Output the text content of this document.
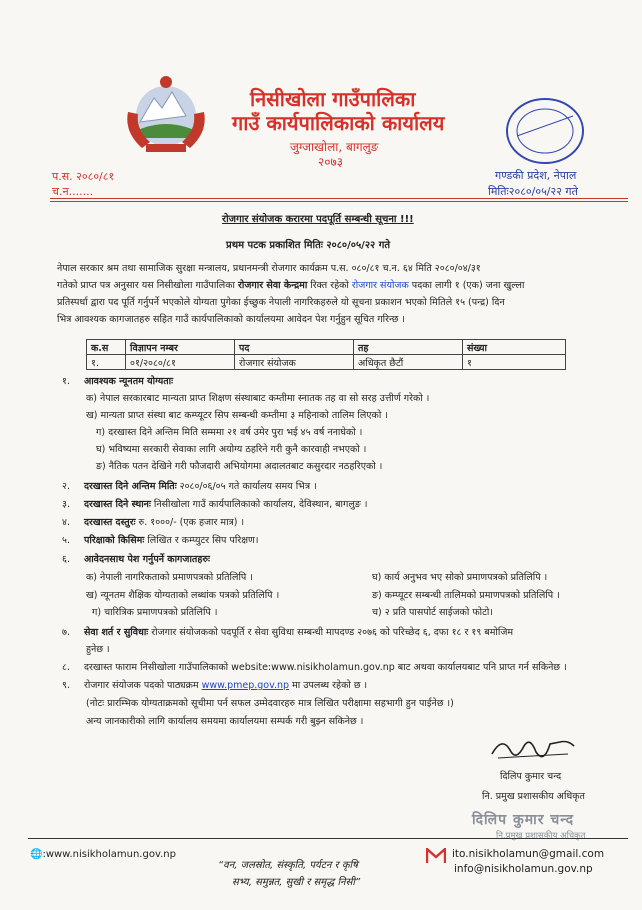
निसीखोला गाउँपालिका
गाउँ कार्यपालिकाको कार्यालय
जुग्जाखोला, बागलुङ
२०७३
प.स. २०८०/८१
च.न.......
गण्डकी प्रदेश, नेपाल
मितिः२०८०/०५/२२ गते
रोजगार संयोजक करारमा पदपूर्ति सम्बन्धी सूचना !!!
प्रथम पटक प्रकाशित मितिः २०८०/०५/२२ गते
नेपाल सरकार श्रम तथा सामाजिक सुरक्षा मन्त्रालय, प्रधानमन्त्री रोजगार कार्यक्रम प.स. ०८०/८१ च.न. ६४ मिति २०८०/०४/३१
गतेको प्राप्त पत्र अनुसार यस निसीखोला गाउँपालिका रोजगार सेवा केन्द्रमा रिक्त रहेको रोजगार संयोजक पदका लागी १ (एक) जना खुल्ला
प्रतिस्पर्धा द्वारा पद पूर्ति गर्नुपर्ने भएकोले योग्यता पुगेका ईच्छुक नेपाली नागरिकहरुले यो सूचना प्रकाशन भएको मितिले १५ (पन्द्र) दिन
भित्र आवश्यक कागजातहरु सहित गाउँ कार्यपालिकाको कार्यालयमा आवेदन पेश गर्नुहुन सूचित गरिन्छ ।
क.स	विज्ञापन नम्बर	पद	तह	संख्या
१.	०१/२०८०/८१	रोजगार संयोजक	अधिकृत छैटौं	१
१. आवश्यक न्यूनतम योग्यताः
क) नेपाल सरकारबाट मान्यता प्राप्त शिक्षण संस्थाबाट कम्तीमा स्नातक तह वा सो सरह उत्तीर्ण गरेको ।
ख) मान्यता प्राप्त संस्था बाट कम्प्यूटर सिप सम्बन्धी कम्तीमा ३ महिनाको तालिम लिएको ।
ग) दरखास्त दिने अन्तिम मिति सम्ममा २१ वर्ष उमेर पुरा भई ४५ वर्ष ननाघेको ।
घ) भविष्यमा सरकारी सेवाका लागि अयोग्य ठहरिने गरी कुनै कारवाही नभएको ।
ङ) नैतिक पतन देखिने गरी फौजदारी अभियोगमा अदालतबाट कसुरदार नठहरिएको ।
२. दरखास्त दिने अन्तिम मितिः २०८०/०६/०५ गते कार्यालय समय भित्र ।
३. दरखास्त दिने स्थानः निसीखोला गाउँ कार्यपालिकाको कार्यालय, देविस्थान, बागलुङ ।
४. दरखास्त दस्तुरः रु. १०००/- (एक हजार मात्र) ।
५. परिक्षाको किसिमः लिखित र कम्प्युटर सिप परिक्षण।
६. आवेदनसाथ पेश गर्नुपर्ने कागजातहरुः
क) नेपाली नागरिकताको प्रमाणपत्रको प्रतिलिपि ।
ख) न्यूनतम शैक्षिक योग्यताको लब्धांक पत्रको प्रतिलिपि ।
ग) चारित्रिक प्रमाणपत्रको प्रतिलिपि ।
घ) कार्य अनुभव भए सोको प्रमाणपत्रको प्रतिलिपि ।
ङ) कम्प्यूटर सम्बन्धी तालिमको प्रमाणपत्रको प्रतिलिपि ।
च) २ प्रति पासपोर्ट साईजको फोटो।
७. सेवा शर्त र सुविधाः रोजगार संयोजकको पदपूर्ति र सेवा सुविधा सम्बन्धी मापदण्ड २०७६ को परिच्छेद ६, दफा १८ र १९ बमोजिम
हुनेछ ।
८. दरखास्त फाराम निसीखोला गाउँपालिकाको website:www.nisikholamun.gov.np बाट अथवा कार्यालयबाट पनि प्राप्त गर्न सकिनेछ ।
९. रोजगार संयोजक पदको पाठ्यक्रम www.pmep.gov.np मा उपलब्ध रहेको छ ।
(नोटः प्रारम्भिक योग्यताक्रमको सूचीमा पर्न सफल उम्मेदवारहरु मात्र लिखित परीक्षामा सहभागी हुन पाईनेछ ।)
अन्य जानकारीको लागि कार्यालय समयमा कार्यालयमा सम्पर्क गरी बुझ्न सकिनेछ ।
दिलिप कुमार चन्द
नि. प्रमुख प्रशासकीय अधिकृत
दिलिप कुमार चन्द
नि.प्रमुख प्रशासकीय अधिकृत
🌐:www.nisikholamun.gov.np
“वन, जलस्रोत, संस्कृति, पर्यटन र कृषि
सभ्य, समुन्नत, सुखी र समृद्ध निसी”
ito.nisikholamun@gmail.com
info@nisikholamun.gov.np
